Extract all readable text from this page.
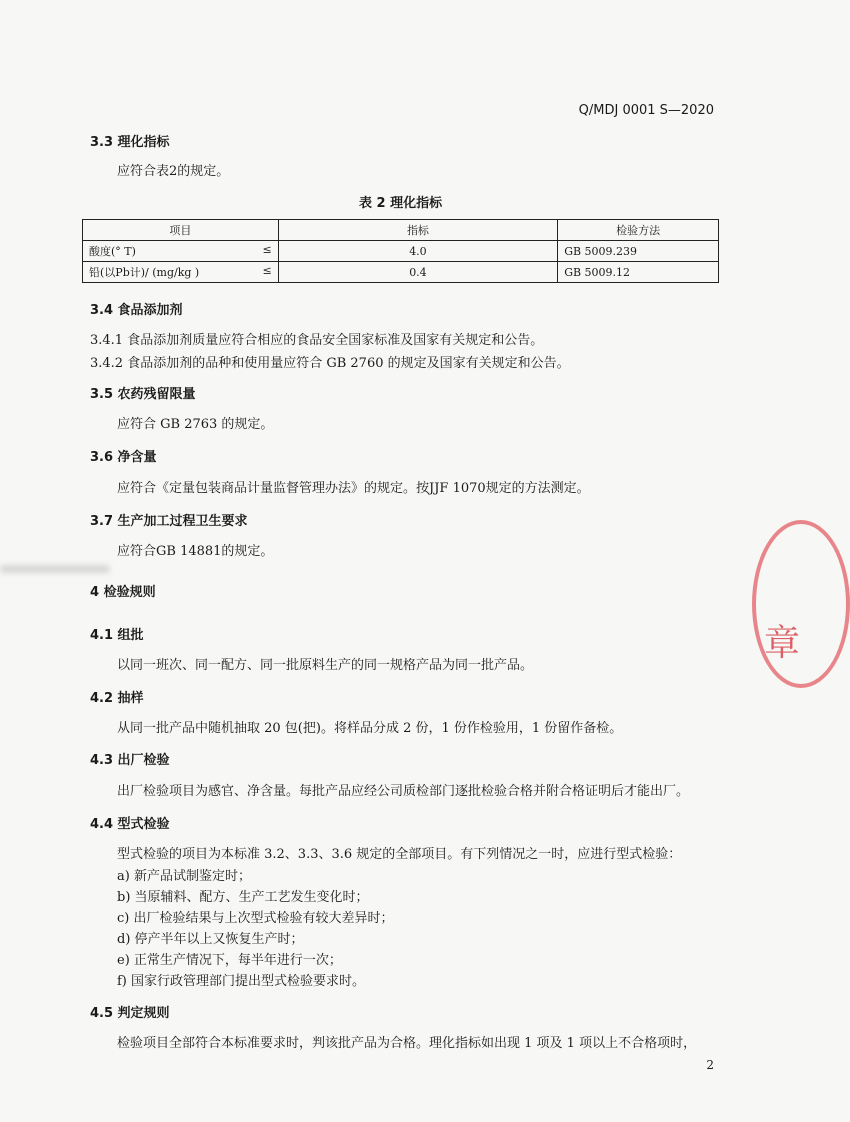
章
Q/MDJ 0001 S—2020
3.3 理化指标
应符合表2的规定。
表 2 理化指标
项目	指标	检验方法
酸度(° T) ≤	4.0	GB 5009.239
铅(以Pb计)/ (mg/kg ) ≤	0.4	GB 5009.12
3.4 食品添加剂
3.4.1 食品添加剂质量应符合相应的食品安全国家标准及国家有关规定和公告。
3.4.2 食品添加剂的品种和使用量应符合 GB 2760 的规定及国家有关规定和公告。
3.5 农药残留限量
应符合 GB 2763 的规定。
3.6 净含量
应符合《定量包装商品计量监督管理办法》的规定。按JJF 1070规定的方法测定。
3.7 生产加工过程卫生要求
应符合GB 14881的规定。
4 检验规则
4.1 组批
以同一班次、同一配方、同一批原料生产的同一规格产品为同一批产品。
4.2 抽样
从同一批产品中随机抽取 20 包(把)。将样品分成 2 份，1 份作检验用，1 份留作备检。
4.3 出厂检验
出厂检验项目为感官、净含量。每批产品应经公司质检部门逐批检验合格并附合格证明后才能出厂。
4.4 型式检验
型式检验的项目为本标准 3.2、3.3、3.6 规定的全部项目。有下列情况之一时，应进行型式检验：
a) 新产品试制鉴定时；
b) 当原辅料、配方、生产工艺发生变化时；
c) 出厂检验结果与上次型式检验有较大差异时；
d) 停产半年以上又恢复生产时；
e) 正常生产情况下，每半年进行一次；
f) 国家行政管理部门提出型式检验要求时。
4.5 判定规则
检验项目全部符合本标准要求时，判该批产品为合格。理化指标如出现 1 项及 1 项以上不合格项时，
2
